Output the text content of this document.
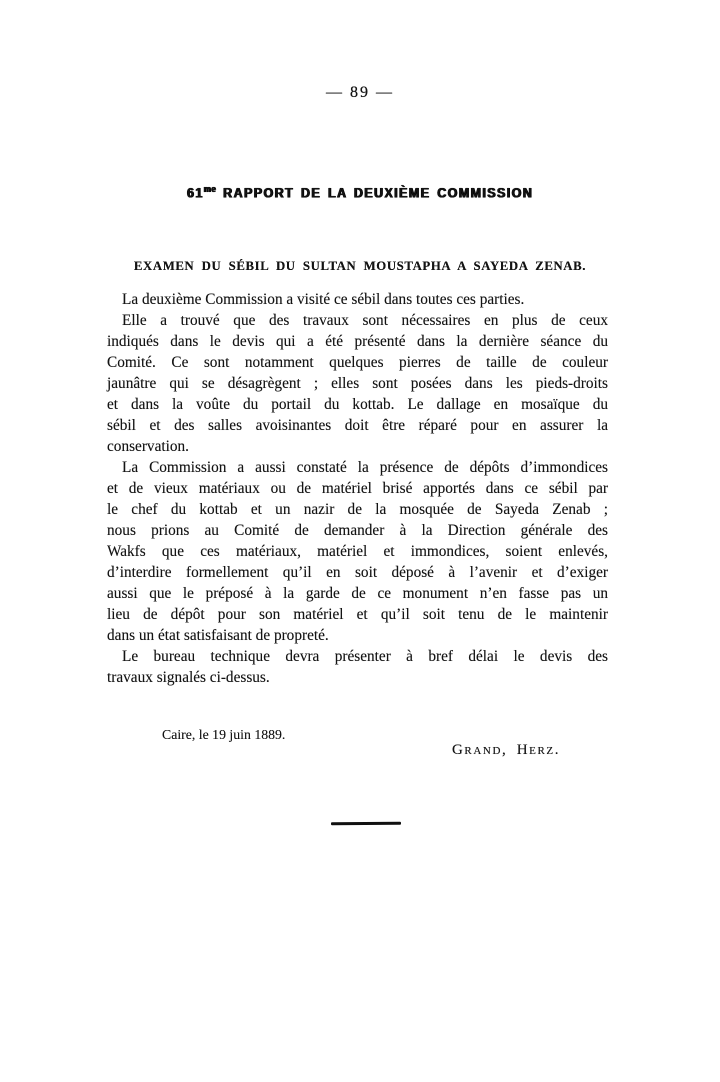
— 89 —
$61^{me}$ RAPPORT DE LA DEUXIÈME COMMISSION
EXAMEN DU SÉBIL DU SULTAN MOUSTAPHA A SAYEDA ZENAB.
La deuxième Commission a visité ce sébil dans toutes ces parties.
Elle a trouvé que des travaux sont nécessaires en plus de ceux
indiqués dans le devis qui a été présenté dans la dernière séance du
Comité. Ce sont notamment quelques pierres de taille de couleur
jaunâtre qui se désagrègent ; elles sont posées dans les pieds-droits
et dans la voûte du portail du kottab. Le dallage en mosaïque du
sébil et des salles avoisinantes doit être réparé pour en assurer la
conservation.
La Commission a aussi constaté la présence de dépôts d’immondices
et de vieux matériaux ou de matériel brisé apportés dans ce sébil par
le chef du kottab et un nazir de la mosquée de Sayeda Zenab ;
nous prions au Comité de demander à la Direction générale des
Wakfs que ces matériaux, matériel et immondices, soient enlevés,
d’interdire formellement qu’il en soit déposé à l’avenir et d’exiger
aussi que le préposé à la garde de ce monument n’en fasse pas un
lieu de dépôt pour son matériel et qu’il soit tenu de le maintenir
dans un état satisfaisant de propreté.
Le bureau technique devra présenter à bref délai le devis des
travaux signalés ci-dessus.
Caire, le 19 juin 1889.
Grand, Herz.
